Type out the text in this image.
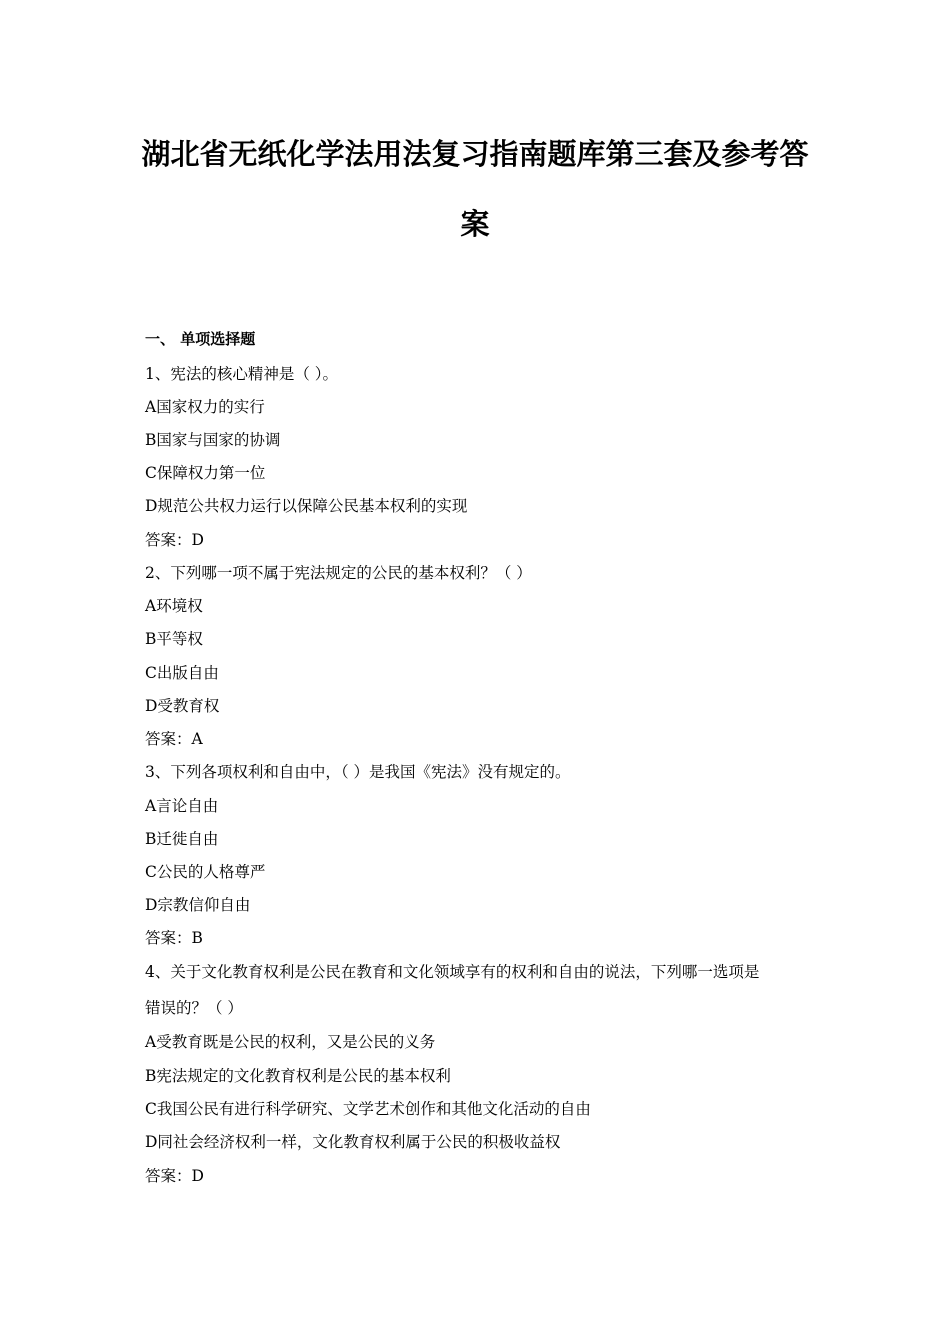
湖北省无纸化学法用法复习指南题库第三套及参考答
案
一、 单项选择题
1、宪法的核心精神是（ ）。
A国家权力的实行
B国家与国家的协调
C保障权力第一位
D规范公共权力运行以保障公民基本权利的实现
答案：D
2、下列哪一项不属于宪法规定的公民的基本权利？（ ）
A环境权
B平等权
C出版自由
D受教育权
答案：A
3、下列各项权利和自由中，（ ）是我国《宪法》没有规定的。
A言论自由
B迁徙自由
C公民的人格尊严
D宗教信仰自由
答案：B
4、关于文化教育权利是公民在教育和文化领域享有的权利和自由的说法，下列哪一选项是
错误的？（ ）
A受教育既是公民的权利，又是公民的义务
B宪法规定的文化教育权利是公民的基本权利
C我国公民有进行科学研究、文学艺术创作和其他文化活动的自由
D同社会经济权利一样，文化教育权利属于公民的积极收益权
答案：D
